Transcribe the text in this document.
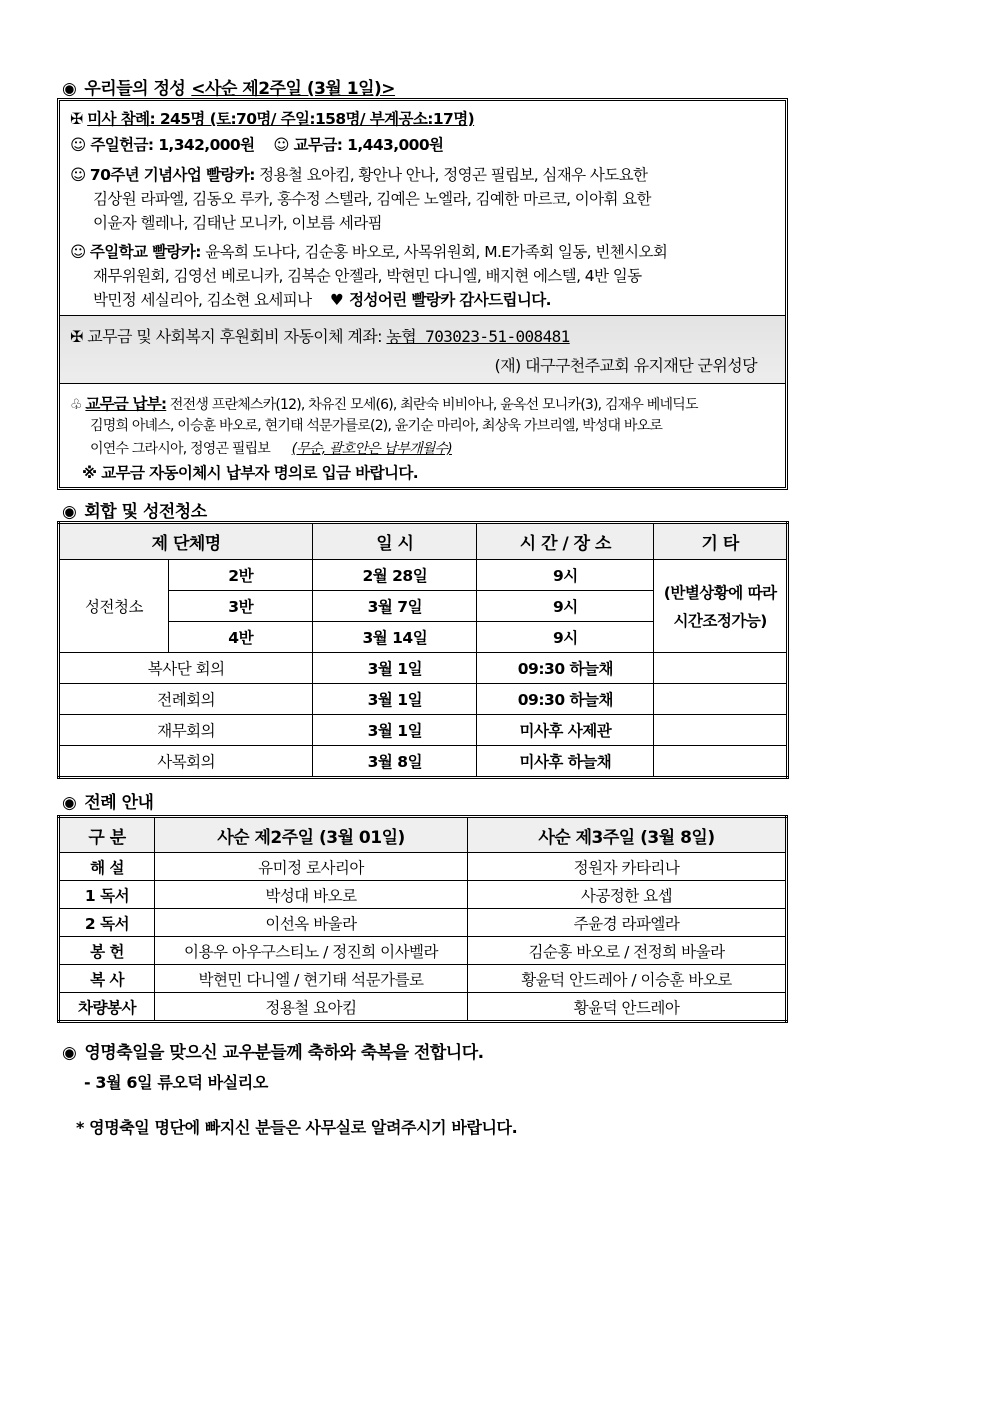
◉ 우리들의 정성 <사순 제2주일 (3월 1일)>
✠ 미사 참례: 245명 (토:70명/ 주일:158명/ 부계공소:17명)
☺ 주일헌금: 1,342,000원 ☺ 교무금: 1,443,000원
☺ 70주년 기념사업 빨랑카: 정용철 요아킴, 황안나 안나, 정영곤 필립보, 심재우 사도요한
김상원 라파엘, 김동오 루카, 홍수정 스텔라, 김예은 노엘라, 김예한 마르코, 이아휘 요한
이윤자 헬레나, 김태난 모니카, 이보름 세라핌
☺ 주일학교 빨랑카: 윤옥희 도나다, 김순홍 바오로, 사목위원회, M.E가족회 일동, 빈첸시오회
재무위원회, 김영선 베로니카, 김복순 안젤라, 박현민 다니엘, 배지현 에스텔, 4반 일동
박민정 세실리아, 김소현 요세피나 ♥ 정성어린 빨랑카 감사드립니다.
✠ 교무금 및 사회복지 후원회비 자동이체 계좌: 농협 703023-51-008481
(재) 대구구천주교회 유지재단 군위성당
♧ 교무금 납부: 전전생 프란체스카(12), 차유진 모세(6), 최란숙 비비아나, 윤옥선 모니카(3), 김재우 베네딕도
김명희 아녜스, 이승훈 바오로, 현기태 석문가를로(2), 윤기순 마리아, 최상욱 가브리엘, 박성대 바오로
이연수 그라시아, 정영곤 필립보 (무순, 괄호안은 납부개월수)
※ 교무금 자동이체시 납부자 명의로 입금 바랍니다.
◉ 회합 및 성전청소
제 단체명		일 시	시 간 / 장 소	기 타
성전청소	2반	2월 28일	9시	(반별상황에 따라
시간조정가능)

	3반	3월 7일	9시	
	4반	3월 14일	9시	
복사단 회의		3월 1일	09:30 하늘채	
전례회의		3월 1일	09:30 하늘채	
재무회의		3월 1일	미사후 사제관	
사목회의		3월 8일	미사후 하늘채	
◉ 전례 안내
구 분	사순 제2주일 (3월 01일)	사순 제3주일 (3월 8일)
해 설	유미정 로사리아	정원자 카타리나
1 독서	박성대 바오로	사공정한 요셉
2 독서	이선옥 바울라	주윤경 라파엘라
봉 헌	이용우 아우구스티노 / 정진희 이사벨라	김순홍 바오로 / 전정희 바울라
복 사	박현민 다니엘 / 현기태 석문가를로	황윤덕 안드레아 / 이승훈 바오로
차량봉사	정용철 요아킴	황윤덕 안드레아
◉ 영명축일을 맞으신 교우분들께 축하와 축복을 전합니다.
- 3월 6일 류오덕 바실리오
* 영명축일 명단에 빠지신 분들은 사무실로 알려주시기 바랍니다.
